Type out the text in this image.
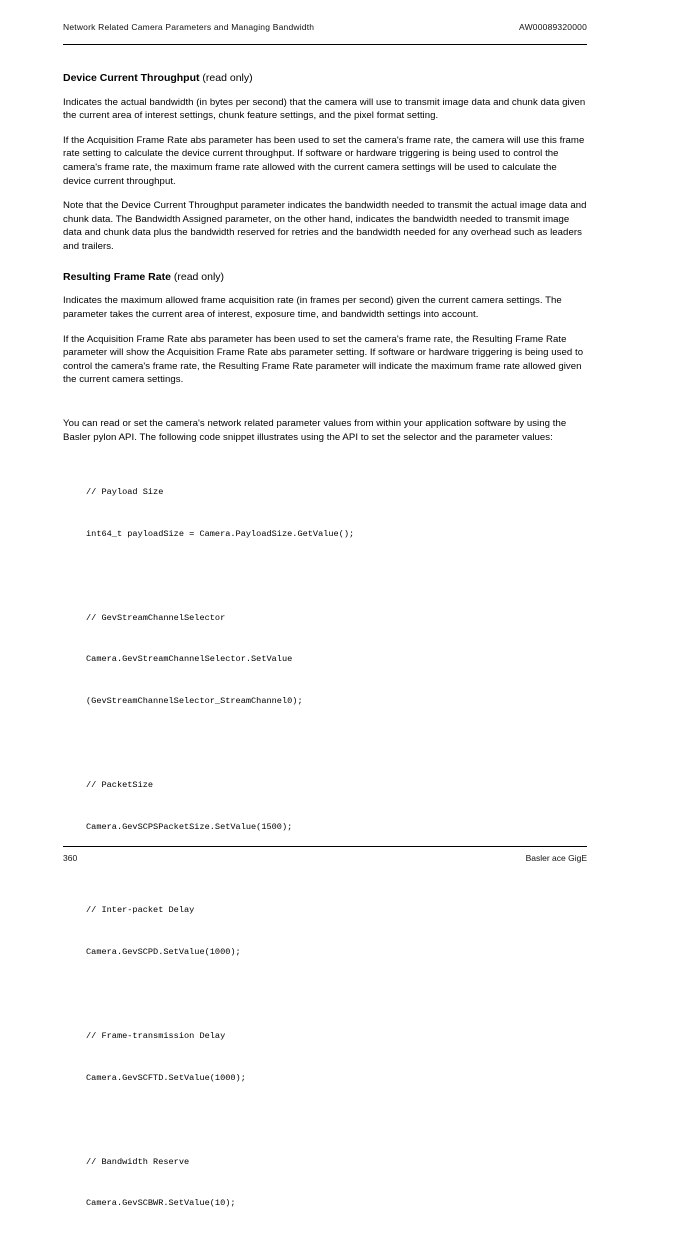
Network Related Camera Parameters and Managing Bandwidth	AW00089320000
Device Current Throughput (read only)

Indicates the actual bandwidth (in bytes per second) that the camera will use to transmit image data and chunk data given the current area of interest settings, chunk feature settings, and the pixel format setting.

If the Acquisition Frame Rate abs parameter has been used to set the camera's frame rate, the camera will use this frame rate setting to calculate the device current throughput. If software or hardware triggering is being used to control the camera's frame rate, the maximum frame rate allowed with the current camera settings will be used to calculate the device current throughput.

Note that the Device Current Throughput parameter indicates the bandwidth needed to transmit the actual image data and chunk data. The Bandwidth Assigned parameter, on the other hand, indicates the bandwidth needed to transmit image data and chunk data plus the bandwidth reserved for retries and the bandwidth needed for any overhead such as leaders and trailers.

Resulting Frame Rate (read only)

Indicates the maximum allowed frame acquisition rate (in frames per second) given the current camera settings. The parameter takes the current area of interest, exposure time, and bandwidth settings into account.

If the Acquisition Frame Rate abs parameter has been used to set the camera's frame rate, the Resulting Frame Rate parameter will show the Acquisition Frame Rate abs parameter setting. If software or hardware triggering is being used to control the camera's frame rate, the Resulting Frame Rate parameter will indicate the maximum frame rate allowed given the current camera settings.

You can read or set the camera's network related parameter values from within your application software by using the Basler pylon API. The following code snippet illustrates using the API to set the selector and the parameter values:

// Payload Size

int64_t payloadSize = Camera.PayloadSize.GetValue();

// GevStreamChannelSelector

Camera.GevStreamChannelSelector.SetValue

(GevStreamChannelSelector_StreamChannel0);

// PacketSize

Camera.GevSCPSPacketSize.SetValue(1500);

// Inter-packet Delay

Camera.GevSCPD.SetValue(1000);

// Frame-transmission Delay

Camera.GevSCFTD.SetValue(1000);

// Bandwidth Reserve

Camera.GevSCBWR.SetValue(10);

360	Basler ace GigE
